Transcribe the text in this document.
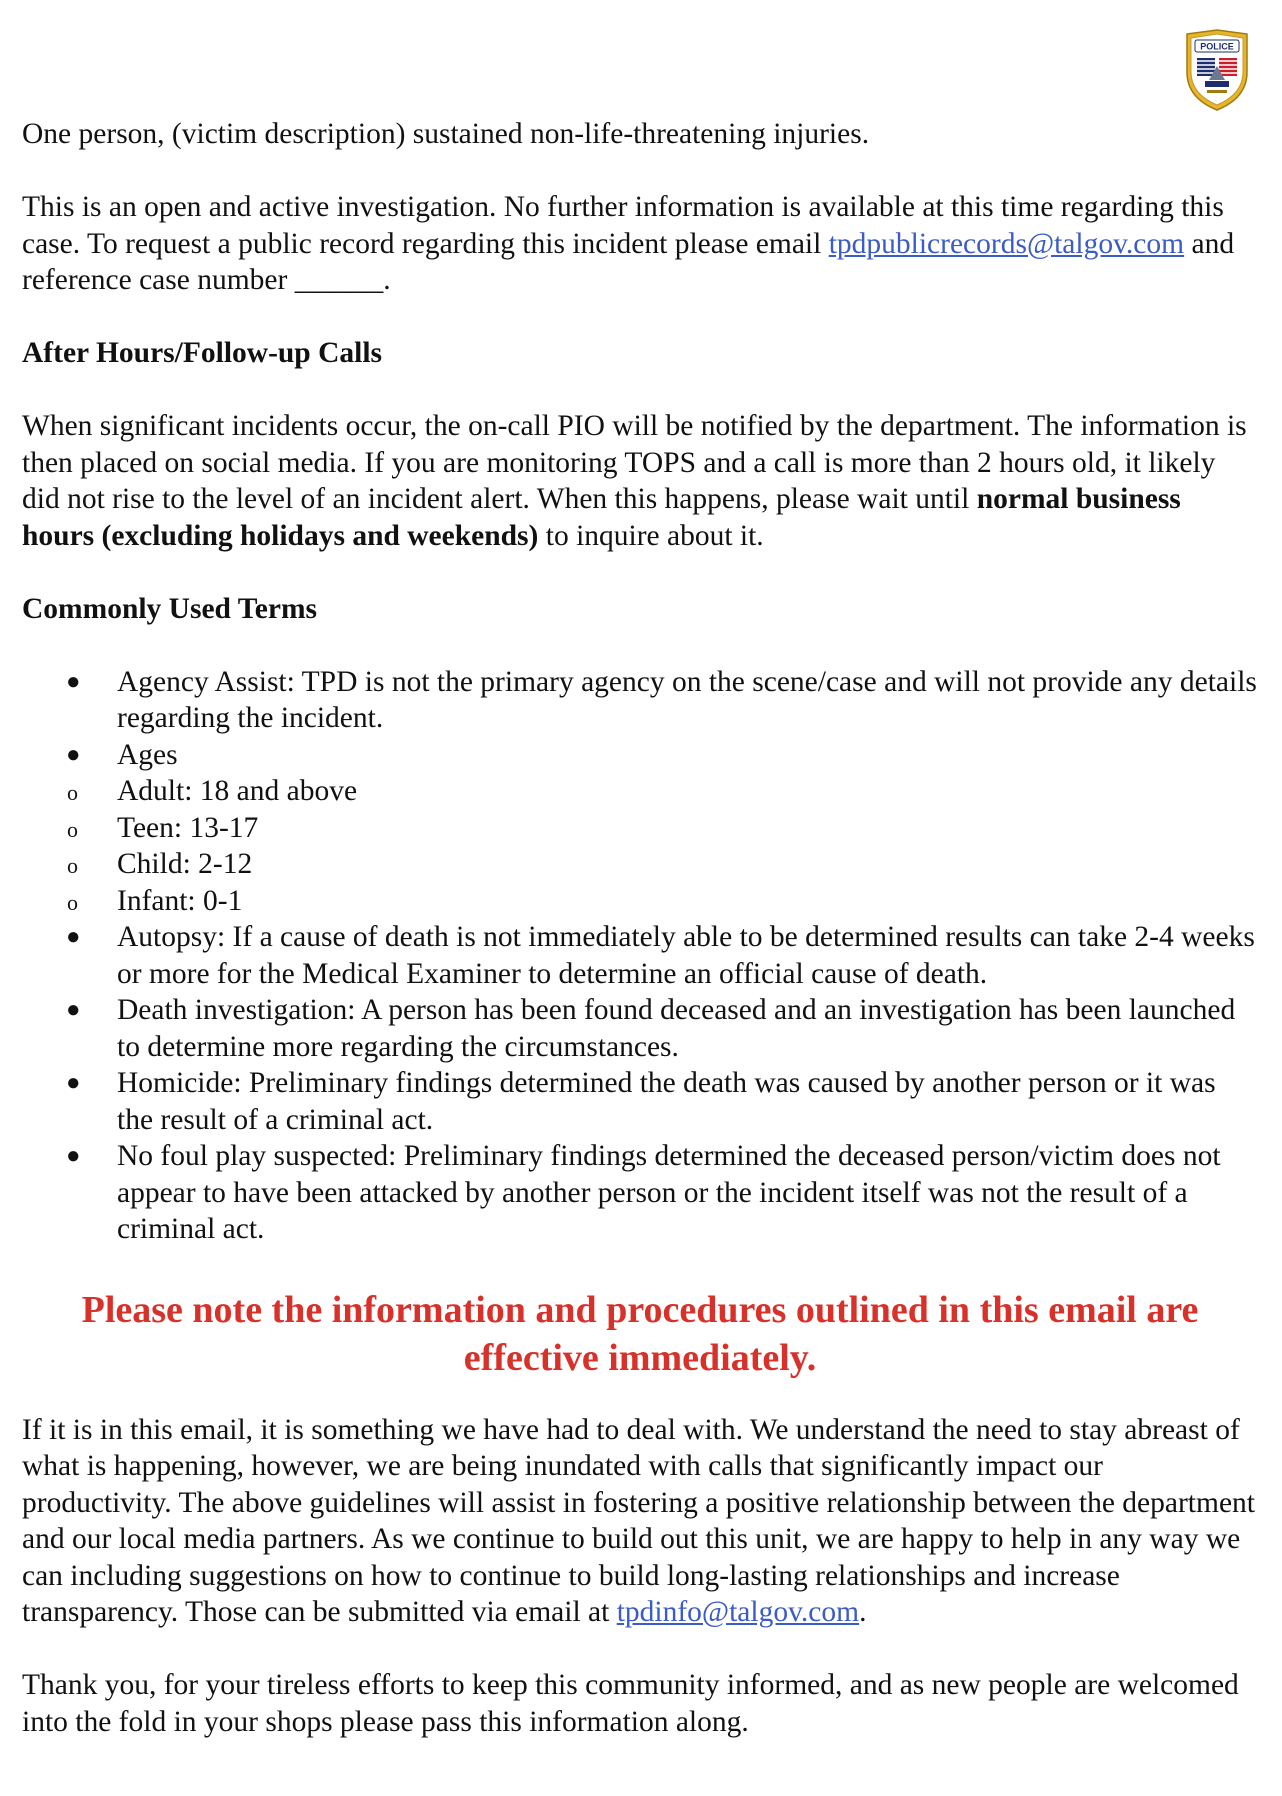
POLICE

One person, (victim description) sustained non-life-threatening injuries.

This is an open and active investigation. No further information is available at this time regarding this case. To request a public record regarding this incident please email tpdpublicrecords@talgov.com and reference case number ______.

After Hours/Follow-up Calls

When significant incidents occur, the on-call PIO will be notified by the department. The information is then placed on social media. If you are monitoring TOPS and a call is more than 2 hours old, it likely did not rise to the level of an incident alert. When this happens, please wait until normal business hours (excluding holidays and weekends) to inquire about it.

Commonly Used Terms

● Agency Assist: TPD is not the primary agency on the scene/case and will not provide any details regarding the incident.
● Ages
o Adult: 18 and above
o Teen: 13-17
o Child: 2-12
o Infant: 0-1
● Autopsy: If a cause of death is not immediately able to be determined results can take 2-4 weeks or more for the Medical Examiner to determine an official cause of death.
● Death investigation: A person has been found deceased and an investigation has been launched to determine more regarding the circumstances.
● Homicide: Preliminary findings determined the death was caused by another person or it was the result of a criminal act.
● No foul play suspected: Preliminary findings determined the deceased person/victim does not appear to have been attacked by another person or the incident itself was not the result of a criminal act.

Please note the information and procedures outlined in this email are effective immediately.

If it is in this email, it is something we have had to deal with. We understand the need to stay abreast of what is happening, however, we are being inundated with calls that significantly impact our productivity. The above guidelines will assist in fostering a positive relationship between the department and our local media partners. As we continue to build out this unit, we are happy to help in any way we can including suggestions on how to continue to build long-lasting relationships and increase transparency. Those can be submitted via email at tpdinfo@talgov.com.

Thank you, for your tireless efforts to keep this community informed, and as new people are welcomed into the fold in your shops please pass this information along.
